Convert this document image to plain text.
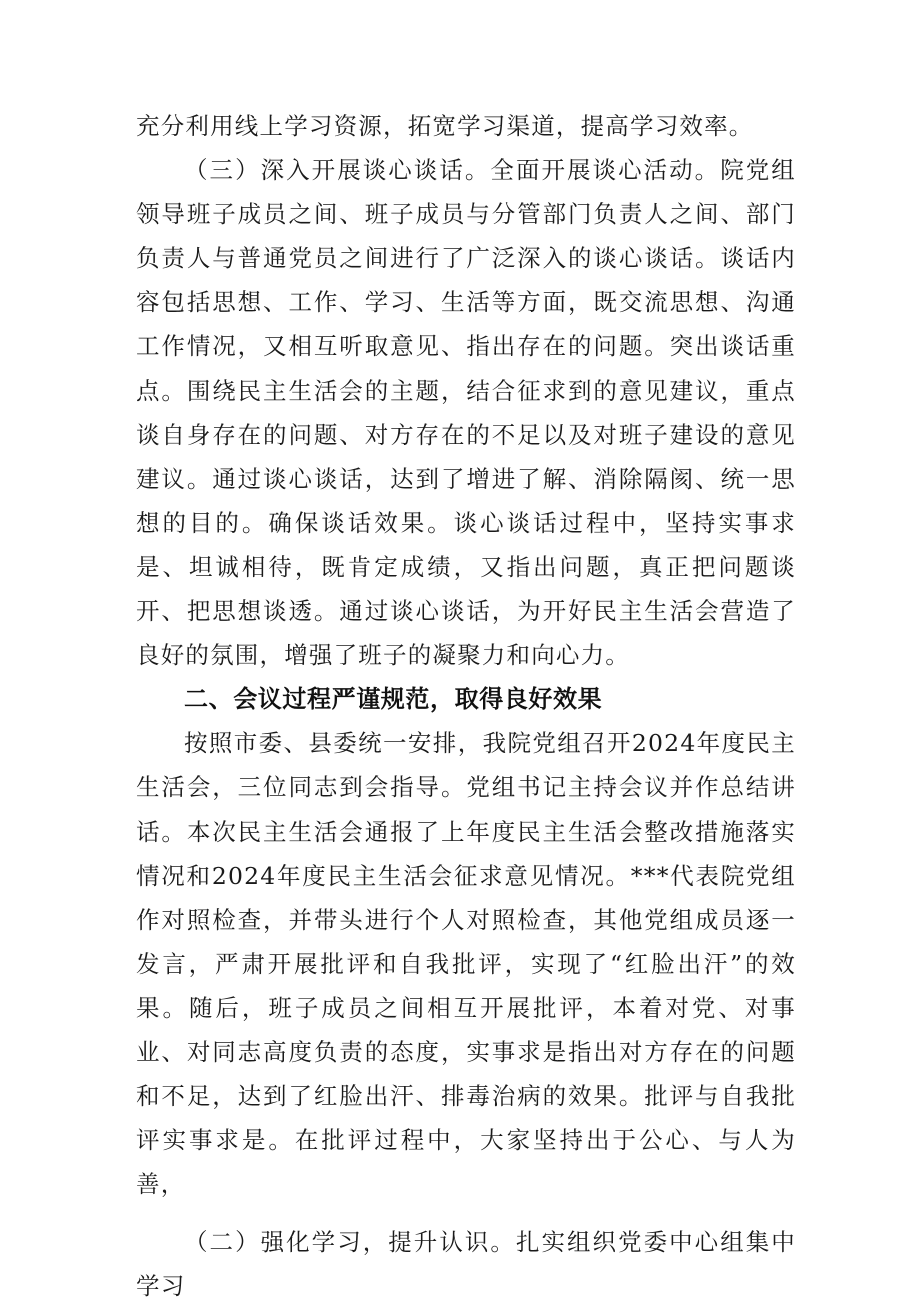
充分利用线上学习资源，拓宽学习渠道，提高学习效率。

（三）深入开展谈心谈话。全面开展谈心活动。院党组领导班子成员之间、班子成员与分管部门负责人之间、部门负责人与普通党员之间进行了广泛深入的谈心谈话。谈话内容包括思想、工作、学习、生活等方面，既交流思想、沟通工作情况，又相互听取意见、指出存在的问题。突出谈话重点。围绕民主生活会的主题，结合征求到的意见建议，重点谈自身存在的问题、对方存在的不足以及对班子建设的意见建议。通过谈心谈话，达到了增进了解、消除隔阂、统一思想的目的。确保谈话效果。谈心谈话过程中，坚持实事求是、坦诚相待，既肯定成绩，又指出问题，真正把问题谈开、把思想谈透。通过谈心谈话，为开好民主生活会营造了良好的氛围，增强了班子的凝聚力和向心力。

二、会议过程严谨规范，取得良好效果

按照市委、县委统一安排，我院党组召开2024年度民主生活会，三位同志到会指导。党组书记主持会议并作总结讲话。本次民主生活会通报了上年度民主生活会整改措施落实情况和2024年度民主生活会征求意见情况。***代表院党组作对照检查，并带头进行个人对照检查，其他党组成员逐一发言，严肃开展批评和自我批评，实现了“红脸出汗”的效果。随后，班子成员之间相互开展批评，本着对党、对事业、对同志高度负责的态度，实事求是指出对方存在的问题和不足，达到了红脸出汗、排毒治病的效果。批评与自我批评实事求是。在批评过程中，大家坚持出于公心、与人为善，

（二）强化学习，提升认识。扎实组织党委中心组集中学习
